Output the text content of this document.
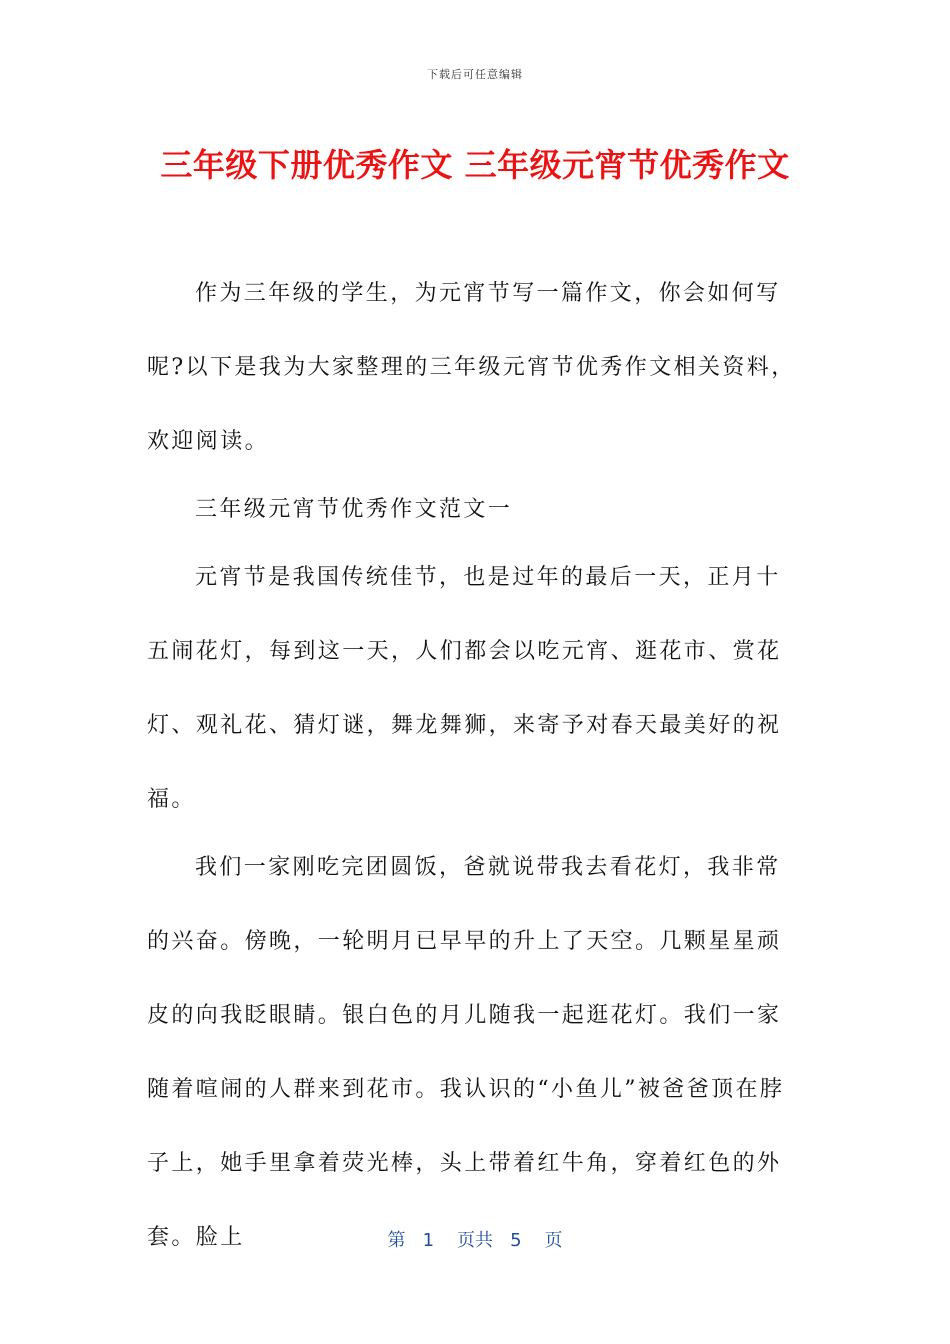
下载后可任意编辑
三年级下册优秀作文 三年级元宵节优秀作文

作为三年级的学生，为元宵节写一篇作文，你会如何写呢?以下是我为大家整理的三年级元宵节优秀作文相关资料，欢迎阅读。

三年级元宵节优秀作文范文一

元宵节是我国传统佳节，也是过年的最后一天，正月十五闹花灯，每到这一天，人们都会以吃元宵、逛花市、赏花灯、观礼花、猜灯谜，舞龙舞狮，来寄予对春天最美好的祝福。

我们一家刚吃完团圆饭，爸就说带我去看花灯，我非常的兴奋。傍晚，一轮明月已早早的升上了天空。几颗星星顽皮的向我眨眼睛。银白色的月儿随我一起逛花灯。我们一家随着喧闹的人群来到花市。我认识的“小鱼儿”被爸爸顶在脖子上，她手里拿着荧光棒，头上带着红牛角，穿着红色的外套。脸上	第 1 页共 5 页
